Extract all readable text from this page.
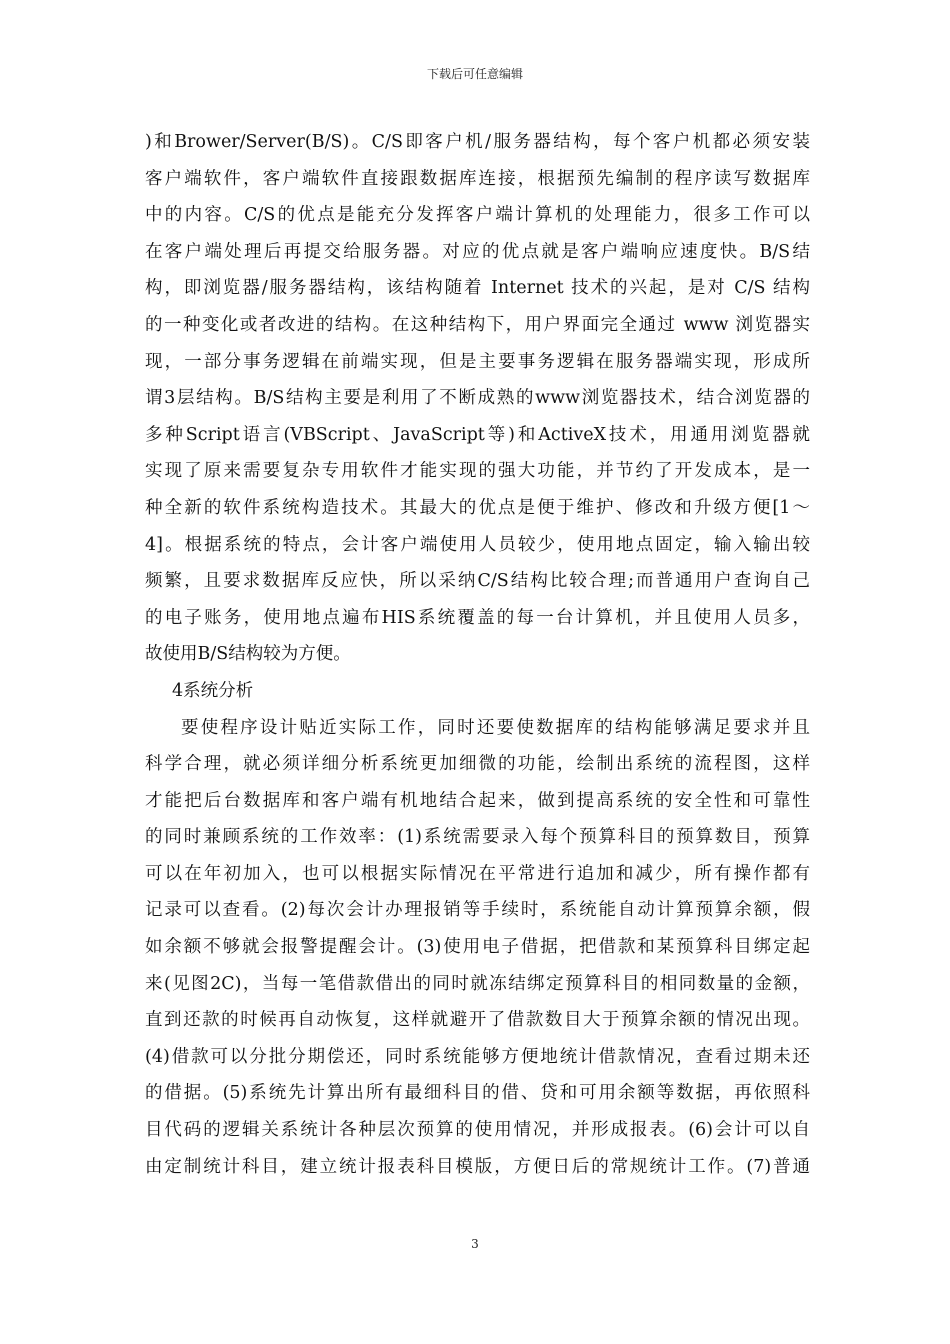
下载后可任意编辑
)和Brower/Server(B/S)。C/S即客户机/服务器结构，每个客户机都必须安装
客户端软件，客户端软件直接跟数据库连接，根据预先编制的程序读写数据库
中的内容。C/S的优点是能充分发挥客户端计算机的处理能力，很多工作可以
在客户端处理后再提交给服务器。对应的优点就是客户端响应速度快。B/S结
构，即浏览器/服务器结构，该结构随着 Internet 技术的兴起，是对 C/S 结构
的一种变化或者改进的结构。在这种结构下，用户界面完全通过 www 浏览器实
现，一部分事务逻辑在前端实现，但是主要事务逻辑在服务器端实现，形成所
谓3层结构。B/S结构主要是利用了不断成熟的www浏览器技术，结合浏览器的
多种Script语言(VBScript、JavaScript等)和ActiveX技术，用通用浏览器就
实现了原来需要复杂专用软件才能实现的强大功能，并节约了开发成本，是一
种全新的软件系统构造技术。其最大的优点是便于维护、修改和升级方便[1～
4]。根据系统的特点，会计客户端使用人员较少，使用地点固定，输入输出较
频繁，且要求数据库反应快，所以采纳C/S结构比较合理;而普通用户查询自己
的电子账务，使用地点遍布HIS系统覆盖的每一台计算机，并且使用人员多，
故使用B/S结构较为方便。
4系统分析
要使程序设计贴近实际工作，同时还要使数据库的结构能够满足要求并且
科学合理，就必须详细分析系统更加细微的功能，绘制出系统的流程图，这样
才能把后台数据库和客户端有机地结合起来，做到提高系统的安全性和可靠性
的同时兼顾系统的工作效率：(1)系统需要录入每个预算科目的预算数目，预算
可以在年初加入，也可以根据实际情况在平常进行追加和减少，所有操作都有
记录可以查看。(2)每次会计办理报销等手续时，系统能自动计算预算余额，假
如余额不够就会报警提醒会计。(3)使用电子借据，把借款和某预算科目绑定起
来(见图2C)，当每一笔借款借出的同时就冻结绑定预算科目的相同数量的金额，
直到还款的时候再自动恢复，这样就避开了借款数目大于预算余额的情况出现。
(4)借款可以分批分期偿还，同时系统能够方便地统计借款情况，查看过期未还
的借据。(5)系统先计算出所有最细科目的借、贷和可用余额等数据，再依照科
目代码的逻辑关系统计各种层次预算的使用情况，并形成报表。(6)会计可以自
由定制统计科目，建立统计报表科目模版，方便日后的常规统计工作。(7)普通
3
